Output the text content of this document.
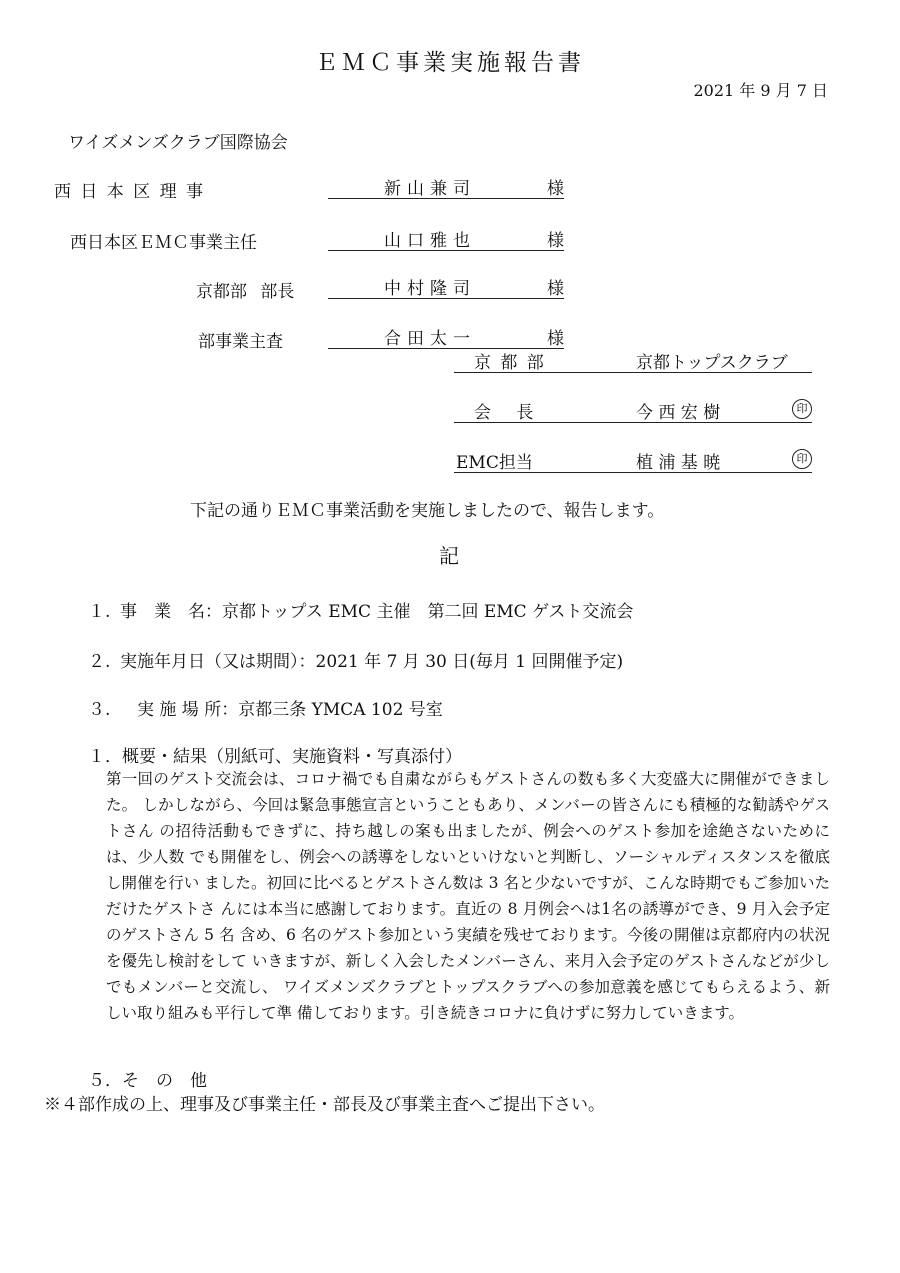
ＥＭＣ事業実施報告書
2021 年 9 月 7 日
ワイズメンズクラブ国際協会
西 日 本 区 理 事	新山兼司	様
西日本区ＥＭＣ事業主任	山口雅也	様
京都部 部長	中村隆司	様
部事業主査	合田太一	様
京 都 部	京都トップスクラブ
会 長	今 西 宏 樹	印
EMC担当	植 浦 基 暁	印
下記の通りＥＭＣ事業活動を実施しましたので、報告します。
記
１. 事　業　名：京都トップス EMC 主催　第二回 EMC ゲスト交流会
２. 実施年月日（又は期間）：2021 年 7 月 30 日(毎月 1 回開催予定)
３.　実 施 場 所：京都三条 YMCA 102 号室
１．概要・結果（別紙可、実施資料・写真添付）
第一回のゲスト交流会は、コロナ禍でも自粛ながらもゲストさんの数も多く大変盛大に開催ができました。 しかしながら、今回は緊急事態宣言ということもあり、メンバーの皆さんにも積極的な勧誘やゲストさん の招待活動もできずに、持ち越しの案も出ましたが、例会へのゲスト参加を途絶さないためには、少人数 でも開催をし、例会への誘導をしないといけないと判断し、ソーシャルディスタンスを徹底し開催を行い ました。初回に比べるとゲストさん数は 3 名と少ないですが、こんな時期でもご参加いただけたゲストさ んには本当に感謝しております。直近の 8 月例会へは1名の誘導ができ、9 月入会予定のゲストさん 5 名 含め、6 名のゲスト参加という実績を残せております。今後の開催は京都府内の状況を優先し検討をして いきますが、新しく入会したメンバーさん、来月入会予定のゲストさんなどが少しでもメンバーと交流し、 ワイズメンズクラブとトップスクラブへの参加意義を感じてもらえるよう、新しい取り組みも平行して準 備しております。引き続きコロナに負けずに努力していきます。
５．そ　の　他
※４部作成の上、理事及び事業主任・部長及び事業主査へご提出下さい。
